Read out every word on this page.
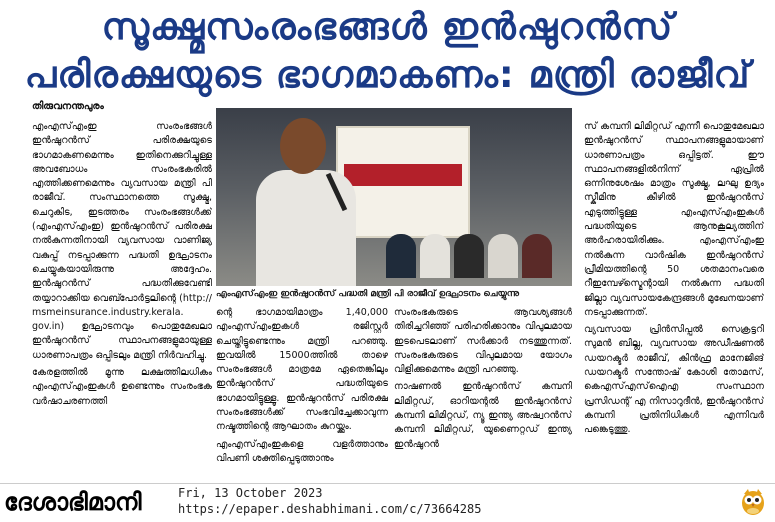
സൂക്ഷ്മസംരംഭങ്ങൾ ഇൻഷുറൻസ്
പരിരക്ഷയുടെ ഭാഗമാകണം: മന്ത്രി രാജീവ്
തിരുവനന്തപുരം

എംഎസ്എംഇ സംരംഭങ്ങൾ ഇൻഷുറൻസ് പരിരക്ഷയുടെ ഭാഗമാകണമെന്നും ഇതിനെക്കുറിച്ചുള്ള അവബോധം സംരംഭകരിൽ എത്തിക്കണമെന്നും വ്യവസായ മന്ത്രി പി രാജീവ്. സംസ്ഥാനത്തെ സൂക്ഷ്മ, ചെറുകിട, ഇടത്തരം സംരംഭങ്ങൾക്ക് (എംഎസ്എംഇ) ഇൻഷുറൻസ് പരിരക്ഷ നൽകുന്നതിനായി വ്യവസായ വാണിജ്യ വകുപ്പ് നടപ്പാക്കുന്ന പദ്ധതി ഉദ്ഘാടനം ചെയ്യുകയായിരുന്നു അദ്ദേഹം. ഇൻഷുറൻസ് പദ്ധതിക്കുവേണ്ടി തയ്യാറാക്കിയ വെബ്പോർട്ടലിന്റെ (http:// msmeinsurance.industry.kerala. gov.in) ഉദ്ഘാടനവും പൊതുമേഖലാ ഇൻഷുറൻസ് സ്ഥാപനങ്ങളുമായുള്ള ധാരണാപത്രം ഒപ്പിടലും മന്ത്രി നിർവഹിച്ചു.

കേരളത്തിൽ മൂന്നു ലക്ഷത്തിലധികം എംഎസ്എംഇകൾ ഉണ്ടെന്നും സംരംഭക വർഷാചരണത്തി

എംഎസ്എംഇ ഇൻഷുറൻസ് പദ്ധതി മന്ത്രി പി രാജീവ് ഉദ്ഘാടനം ചെയ്യുന്നു

ന്റെ ഭാഗമായിമാത്രം 1,40,000 എംഎസ്എംഇകൾ രജിസ്റ്റർ ചെയ്തിട്ടുണ്ടെന്നും മന്ത്രി പറഞ്ഞു. ഇവയിൽ 15000ത്തിൽ താഴെ സംരംഭങ്ങൾ മാത്രമേ ഏതെങ്കിലും ഇൻഷുറൻസ് പദ്ധതിയുടെ ഭാഗമായിട്ടുള്ളൂ. ഇൻഷുറൻസ് പരിരക്ഷ സംരംഭങ്ങൾക്ക് സംഭവിച്ചേക്കാവുന്ന നഷ്ടത്തിന്റെ ആഘാതം കുറയ്ക്കും.

എംഎസ്എംഇകളെ വളർത്താനും വിപണി ശക്തിപ്പെടുത്താനും

സംരംഭകരുടെ ആവശ്യങ്ങൾ തിരിച്ചറിഞ്ഞ് പരിഹരിക്കാനും വിപുലമായ ഇടപെടലാണ് സർക്കാർ നടത്തുന്നത്. സംരംഭകരുടെ വിപുലമായ യോഗം വിളിക്കുമെന്നും മന്ത്രി പറഞ്ഞു.

നാഷണൽ ഇൻഷുറൻസ് കമ്പനി ലിമിറ്റഡ്, ഓറിയന്റൽ ഇൻഷുറൻസ് കമ്പനി ലിമിറ്റഡ്, ന്യൂ ഇന്ത്യ അഷ്വറൻസ് കമ്പനി ലിമിറ്റഡ്, യുണൈറ്റഡ് ഇന്ത്യ ഇൻഷുറൻ

സ് കമ്പനി ലിമിറ്റഡ് എന്നീ പൊതുമേഖലാ ഇൻഷുറൻസ് സ്ഥാപനങ്ങളുമായാണ് ധാരണാപത്രം ഒപ്പിട്ടത്. ഈ സ്ഥാപനങ്ങളിൽനിന്ന് ഏപ്രിൽ ഒന്നിനുശേഷം മാത്രം സൂക്ഷ്മ, ലഘു ഉദ്യം സ്കീമിനു കീഴിൽ ഇൻഷുറൻസ് എടുത്തിട്ടുള്ള എംഎസ്എംഇകൾ പദ്ധതിയുടെ ആനുകൂല്യത്തിന് അർഹരായിരിക്കും. എംഎസ്എംഇ നൽകുന്ന വാർഷിക ഇൻഷുറൻസ് പ്രീമിയത്തിന്റെ 50 ശതമാനംവരെ റീഇമ്പേഴ്സ്മെന്റായി നൽകുന്ന പദ്ധതി ജില്ലാ വ്യവസായകേന്ദ്രങ്ങൾ മുഖേനയാണ് നടപ്പാക്കുന്നത്.

വ്യവസായ പ്രിൻസിപ്പൽ സെക്രട്ടറി സുമൻ ബില്ല, വ്യവസായ അഡീഷണൽ ഡയറക്ടർ രാജീവ്, കിൻഫ്ര മാനേജിങ് ഡയറക്ടർ സന്തോഷ് കോശി തോമസ്, കെഎസ്എസ്ഐഎ സംസ്ഥാന പ്രസിഡന്റ് എ നിസാറുദീൻ, ഇൻഷുറൻസ് കമ്പനി പ്രതിനിധികൾ എന്നിവർ പങ്കെടുത്തു.

ദേശാഭിമാനി	Fri, 13 October 2023
https://epaper.deshabhimani.com/c/73664285
